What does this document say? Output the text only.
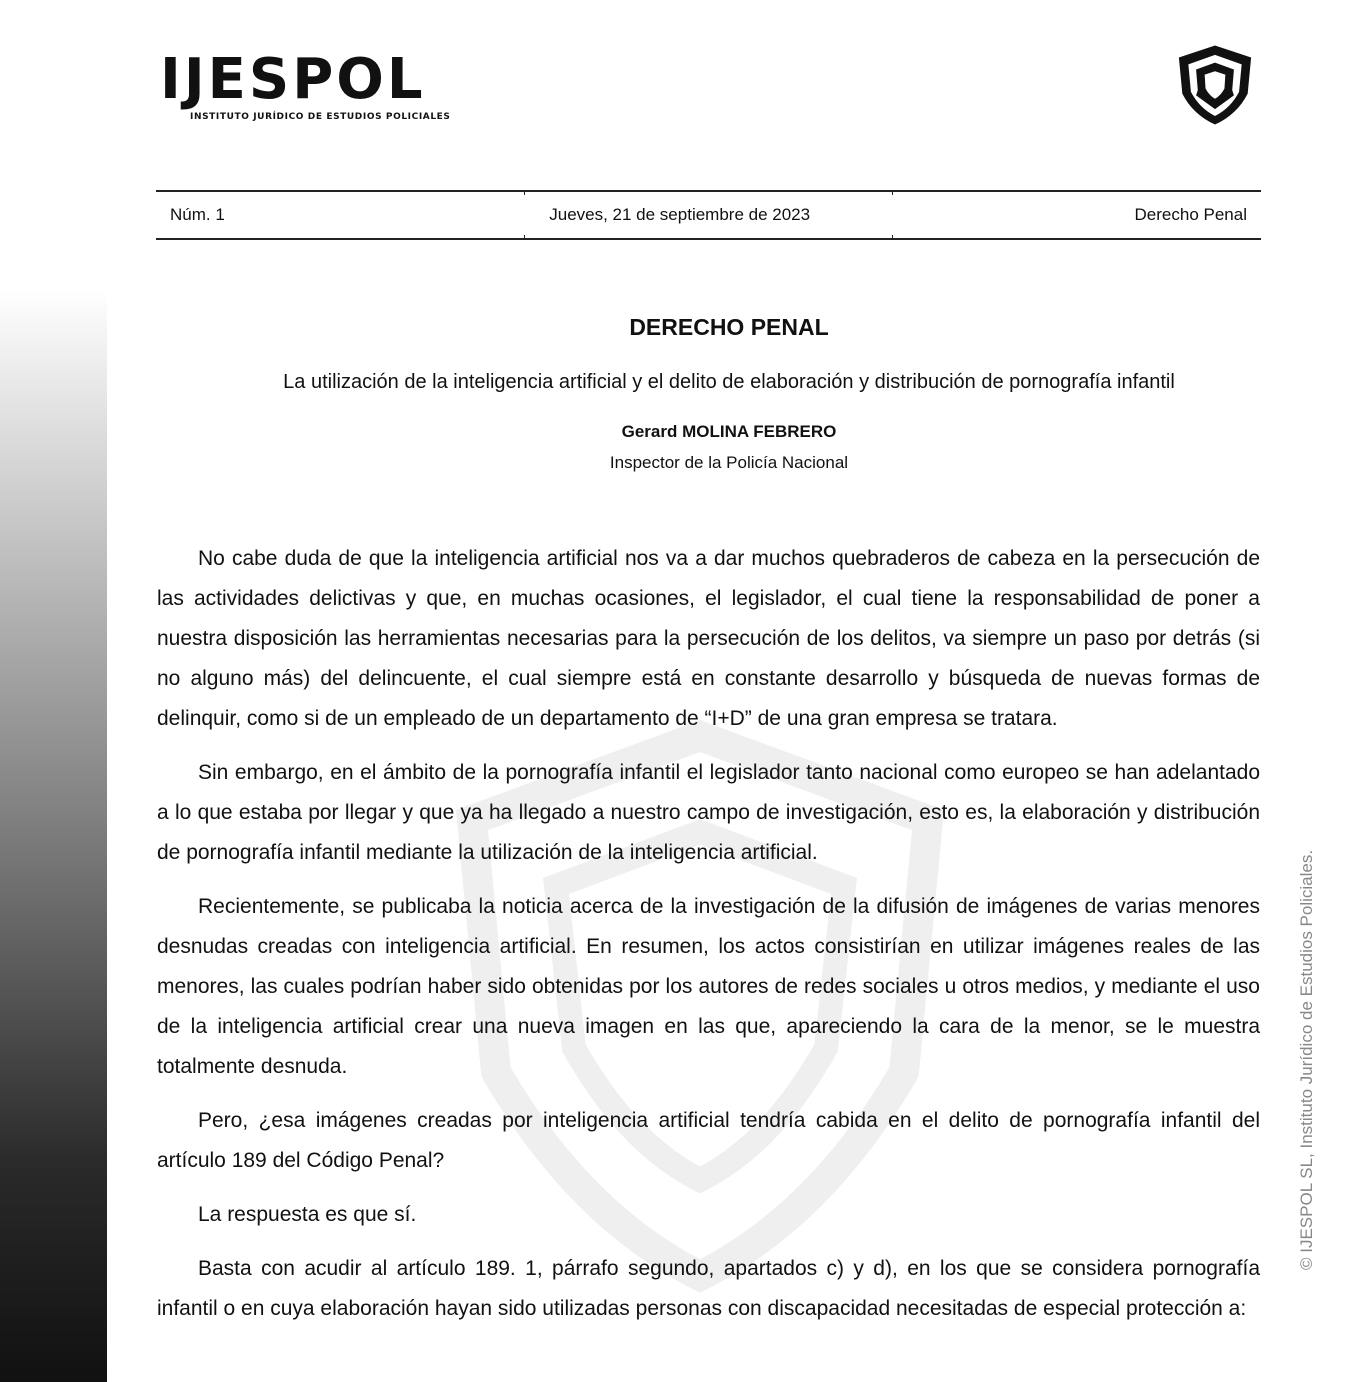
IJESPOL
INSTITUTO JURÍDICO DE ESTUDIOS POLICIALES
Núm. 1	Jueves, 21 de septiembre de 2023	Derecho Penal
DERECHO PENAL
La utilización de la inteligencia artificial y el delito de elaboración y distribución de pornografía infantil
Gerard MOLINA FEBRERO
Inspector de la Policía Nacional

No cabe duda de que la inteligencia artificial nos va a dar muchos quebraderos de cabeza en la persecución de las actividades delictivas y que, en muchas ocasiones, el legislador, el cual tiene la responsabilidad de poner a nuestra disposición las herramientas necesarias para la persecución de los delitos, va siempre un paso por detrás (si no alguno más) del delincuente, el cual siempre está en constante desarrollo y búsqueda de nuevas formas de delinquir, como si de un empleado de un departamento de “I+D” de una gran empresa se tratara.

Sin embargo, en el ámbito de la pornografía infantil el legislador tanto nacional como europeo se han adelantado a lo que estaba por llegar y que ya ha llegado a nuestro campo de investigación, esto es, la elaboración y distribución de pornografía infantil mediante la utilización de la inteligencia artificial.

Recientemente, se publicaba la noticia acerca de la investigación de la difusión de imágenes de varias menores desnudas creadas con inteligencia artificial. En resumen, los actos consistirían en utilizar imágenes reales de las menores, las cuales podrían haber sido obtenidas por los autores de redes sociales u otros medios, y mediante el uso de la inteligencia artificial crear una nueva imagen en las que, apareciendo la cara de la menor, se le muestra totalmente desnuda.

Pero, ¿esa imágenes creadas por inteligencia artificial tendría cabida en el delito de pornografía infantil del artículo 189 del Código Penal?

La respuesta es que sí.

Basta con acudir al artículo 189. 1, párrafo segundo, apartados c) y d), en los que se considera pornografía infantil o en cuya elaboración hayan sido utilizadas personas con discapacidad necesitadas de especial protección a:

© IJESPOL SL, Instituto Jurídico de Estudios Policiales.
